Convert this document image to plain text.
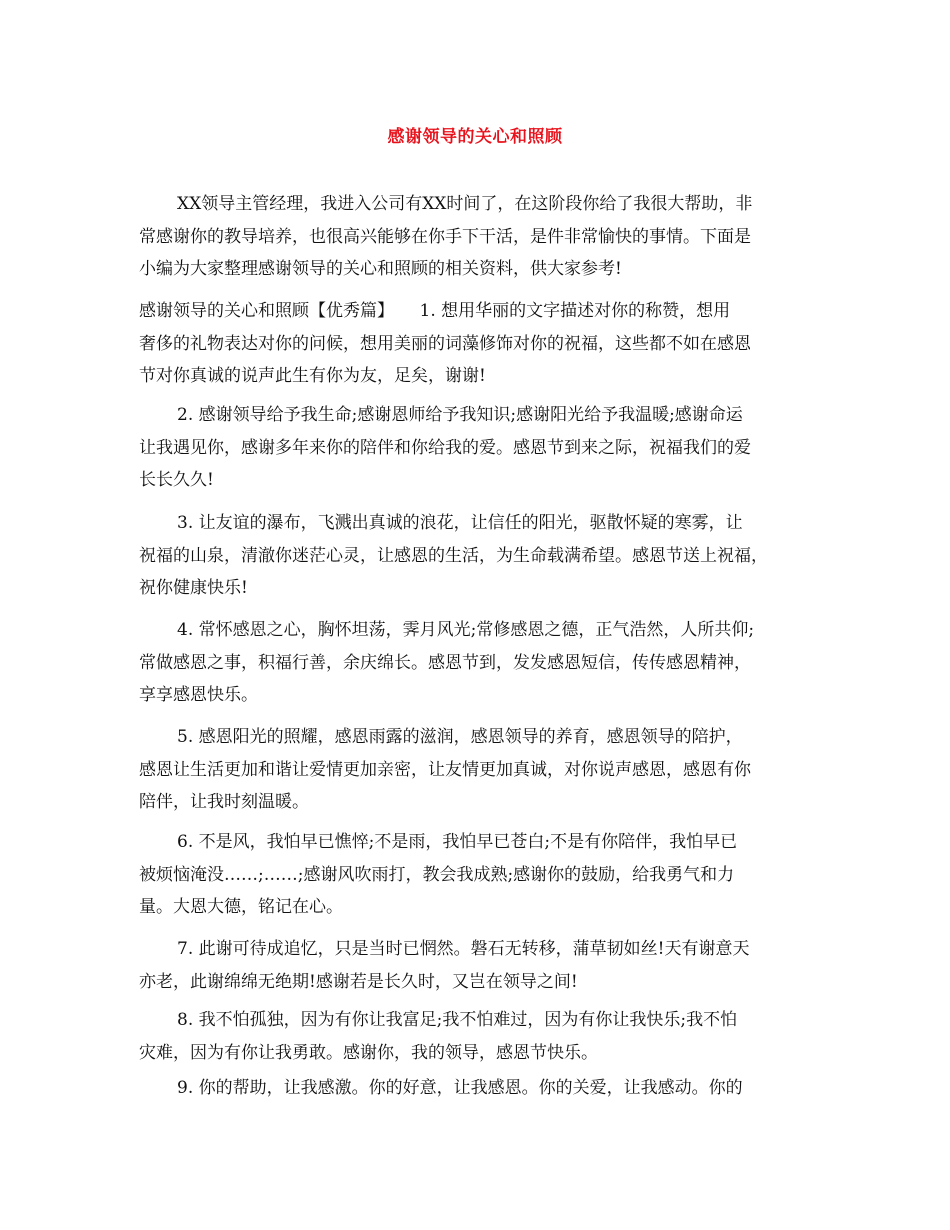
感谢领导的关心和照顾
XX领导主管经理，我进入公司有XX时间了，在这阶段你给了我很大帮助，非
常感谢你的教导培养，也很高兴能够在你手下干活，是件非常愉快的事情。下面是
小编为大家整理感谢领导的关心和照顾的相关资料，供大家参考!
感谢领导的关心和照顾【优秀篇】　　1. 想用华丽的文字描述对你的称赞，想用
奢侈的礼物表达对你的问候，想用美丽的词藻修饰对你的祝福，这些都不如在感恩
节对你真诚的说声此生有你为友，足矣，谢谢!
2. 感谢领导给予我生命;感谢恩师给予我知识;感谢阳光给予我温暖;感谢命运
让我遇见你，感谢多年来你的陪伴和你给我的爱。感恩节到来之际，祝福我们的爱
长长久久!
3. 让友谊的瀑布，飞溅出真诚的浪花，让信任的阳光，驱散怀疑的寒雾，让
祝福的山泉，清澈你迷茫心灵，让感恩的生活，为生命载满希望。感恩节送上祝福，
祝你健康快乐!
4. 常怀感恩之心，胸怀坦荡，霁月风光;常修感恩之德，正气浩然，人所共仰;
常做感恩之事，积福行善，余庆绵长。感恩节到，发发感恩短信，传传感恩精神，
享享感恩快乐。
5. 感恩阳光的照耀，感恩雨露的滋润，感恩领导的养育，感恩领导的陪护，
感恩让生活更加和谐让爱情更加亲密，让友情更加真诚，对你说声感恩，感恩有你
陪伴，让我时刻温暖。
6. 不是风，我怕早已憔悴;不是雨，我怕早已苍白;不是有你陪伴，我怕早已
被烦恼淹没……;……;感谢风吹雨打，教会我成熟;感谢你的鼓励，给我勇气和力
量。大恩大德，铭记在心。
7. 此谢可待成追忆，只是当时已惘然。磐石无转移，蒲草韧如丝!天有谢意天
亦老，此谢绵绵无绝期!感谢若是长久时，又岂在领导之间!
8. 我不怕孤独，因为有你让我富足;我不怕难过，因为有你让我快乐;我不怕
灾难，因为有你让我勇敢。感谢你，我的领导，感恩节快乐。
9. 你的帮助，让我感激。你的好意，让我感恩。你的关爱，让我感动。你的
